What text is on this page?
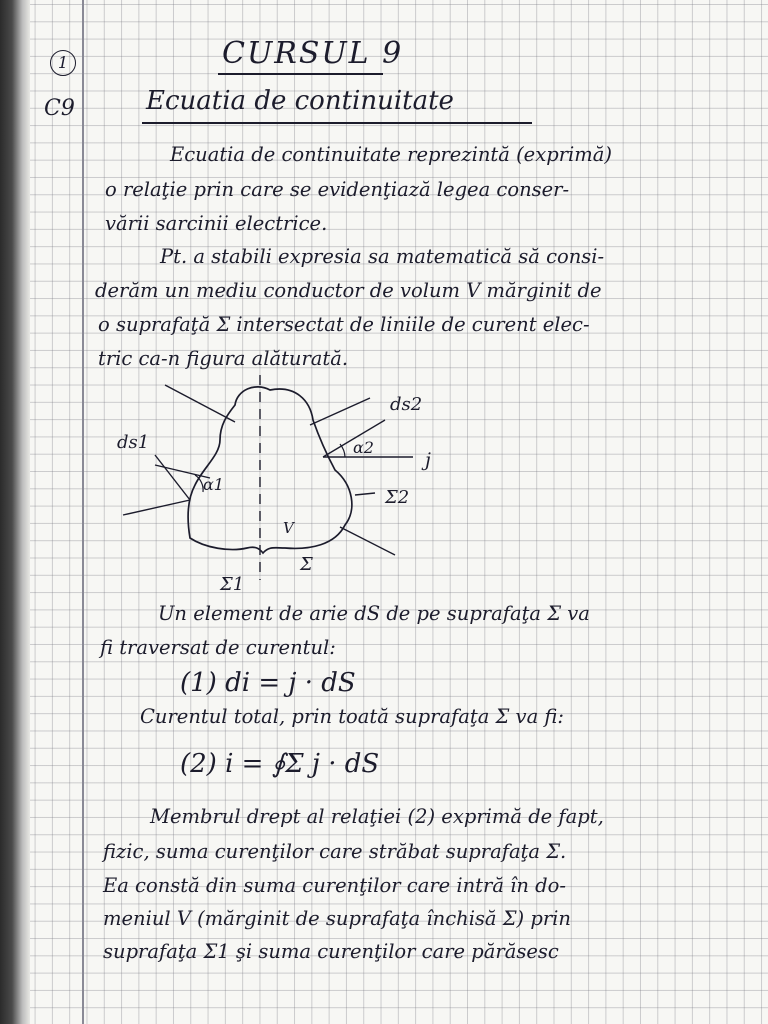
1
C9
CURSUL 9
Ecuatia de continuitate
Ecuatia de continuitate reprezintă (exprimă)
o relaţie prin care se evidenţiază legea conser-
vării sarcinii electrice.
Pt. a stabili expresia sa matematică să consi-
derăm un mediu conductor de volum V mărginit de
o suprafaţă Σ intersectat de liniile de curent elec-
tric ca-n figura alăturată.
ds2
ds1	α2
j
α1
Σ2
V
Σ
Σ1
Un element de arie dS de pe suprafaţa Σ va
fi traversat de curentul:
(1) di = j · dS
Curentul total, prin toată suprafaţa Σ va fi:
(2) i = ∮Σ j · dS
Membrul drept al relaţiei (2) exprimă de fapt,
fizic, suma curenţilor care străbat suprafaţa Σ.
Ea constă din suma curenţilor care intră în do-
meniul V (mărginit de suprafaţa închisă Σ) prin
suprafaţa Σ1 şi suma curenţilor care părăsesc
